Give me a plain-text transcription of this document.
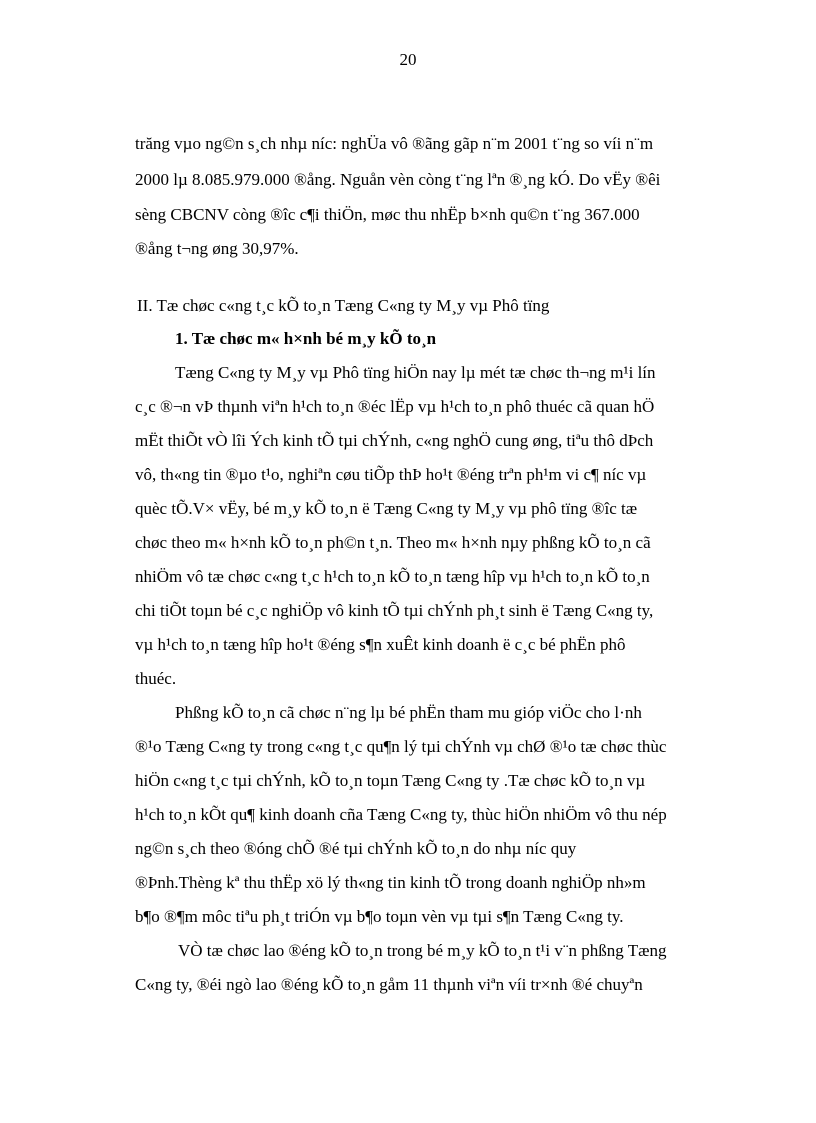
20
trăng vµo ng©n s¸ch nhµ níc: nghÜa vô ®ãng gãp n¨m 2001 t¨ng so víi n¨m
2000 lµ 8.085.979.000 ®ång. Nguån vèn còng t¨ng lªn ®¸ng kÓ. Do vËy ®êi
sèng CBCNV còng ®îc c¶i thiÖn, møc thu nhËp b×nh qu©n t¨ng 367.000
®ång t¬ng øng 30,97%.
II. Tæ chøc c«ng t¸c kÕ to¸n Tæng C«ng ty M¸y vµ Phô tïng
1. Tæ chøc m« h×nh bé m¸y kÕ to¸n
Tæng C«ng ty M¸y vµ Phô tïng hiÖn nay lµ mét tæ chøc th¬ng m¹i lín
c¸c ®¬n vÞ thµnh viªn h¹ch to¸n ®éc lËp vµ h¹ch to¸n phô thuéc cã quan hÖ
mËt thiÕt vÒ lîi Ých kinh tÕ tµi chÝnh, c«ng nghÖ cung øng, tiªu thô dÞch
vô, th«ng tin ®µo t¹o, nghiªn cøu tiÕp thÞ ho¹t ®éng trªn ph¹m vi c¶ níc vµ
quèc tÕ.V× vËy, bé m¸y kÕ to¸n ë Tæng C«ng ty M¸y vµ phô tïng ®îc tæ
chøc theo m« h×nh kÕ to¸n ph©n t¸n. Theo m« h×nh nµy phßng kÕ to¸n cã
nhiÖm vô tæ chøc c«ng t¸c h¹ch to¸n kÕ to¸n tæng hîp vµ h¹ch to¸n kÕ to¸n
chi tiÕt toµn bé c¸c nghiÖp vô kinh tÕ tµi chÝnh ph¸t sinh ë Tæng C«ng ty,
vµ h¹ch to¸n tæng hîp ho¹t ®éng s¶n xuÊt kinh doanh ë c¸c bé phËn phô
thuéc.
Phßng kÕ to¸n cã chøc n¨ng lµ bé phËn tham mu gióp viÖc cho l·nh
®¹o Tæng C«ng ty trong c«ng t¸c qu¶n lý tµi chÝnh vµ chØ ®¹o tæ chøc thùc
hiÖn c«ng t¸c tµi chÝnh, kÕ to¸n toµn Tæng C«ng ty .Tæ chøc kÕ to¸n vµ
h¹ch to¸n kÕt qu¶ kinh doanh cña Tæng C«ng ty, thùc hiÖn nhiÖm vô thu nép
ng©n s¸ch theo ®óng chÕ ®é tµi chÝnh kÕ to¸n do nhµ níc quy
®Þnh.Thèng kª thu thËp xö lý th«ng tin kinh tÕ trong doanh nghiÖp nh»m
b¶o ®¶m môc tiªu ph¸t triÓn vµ b¶o toµn vèn vµ tµi s¶n Tæng C«ng ty.
VÒ tæ chøc lao ®éng kÕ to¸n trong bé m¸y kÕ to¸n t¹i v¨n phßng Tæng
C«ng ty, ®éi ngò lao ®éng kÕ to¸n gåm 11 thµnh viªn víi tr×nh ®é chuyªn
